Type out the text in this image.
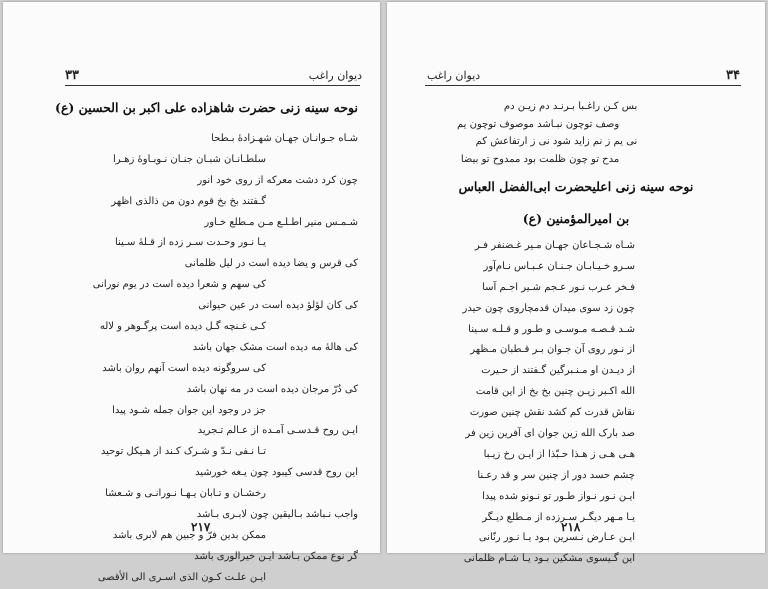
۳۳	دیوان راغب
نوحه سینه زنی حضرت شاهزاده علی اکبر بن الحسین (ع)
شـاه جـوانـان جهـان شهـزادهٔ بـطحا
سلطـانـان شبـان جنـان نـوبـاوهٔ زهـرا
چون کرد دشت معرکه از روی خود انور
گـفتند بخ بخ قوم دون من ذالذی اظهر
شـمـس منیر اطـلـع مـن مـطلع خـاور
یـا نـور وحـدت سـر زده از قـلهٔ سـینا
کی قرس و یضا دیده است در لیل ظلمانی
کی سهم و شعرا دیده است در یوم نورانی
کی کان لؤلؤ دیده است در عین حیوانی
کـی غـنچه گـل دیده است پرگـوهر و لاله
کی هالهٔ مه دیده است مشک جهان باشد
کی سروگونه دیده است آنهم روان باشد
کی دُرّ مرجان دیده است در مه نهان باشد
جز در وجود این جوان جمله شـود پیدا
ایـن روح قـدسـی آمـده از عـالم تـجرید
تـا نـفی نـدّ و شـرک کـند از هـیکل توحید
این روح قدسی کیبود چون یـغه خورشید
رخشـان و تـابان یـهـا نـورانـی و شـعشا
واجب نـباشد بـالیقین چون لابـری بـاشد
ممکن بدین فرّ و جبین هم لابری باشد
گر نوع ممکن بـاشد ایـن خیرالوری باشد
ایـن علـت کـون الذی اسـری الی الأقصی
۲۱۷
۳۴
دیوان راغب
بس کـن راغـبا بـرنـد دم زیـن دم
وصف توچون نبـاشد موصوف توچون یم
نی یم ز نم زاید شود نی ز ارتفاعش کم
مدح تو چون ظلمت بود ممدوح تو بیضا
نوحه سینه زنی اعلیحضرت ابی‌الفضل العباس
بن امیرالمؤمنین (ع)
شـاه شـجـاعان جهـان مـیر غـضنفر فـر
سـرو خـیـابـان جـنـان عـبـاس نـام‌آور
فـخر عـرب نـور عـجم شـیر اجـم آسا
چون زد سوی میدان قدمچاروی چون حیدر
شـد قـصـه مـوسـی و طـور و قـلـه سـینا
از نـور روی آن جـوان بـر قـطبان مـظهر
از دیـدن او مـنـبرگین گـفتند از حـیرت
الله اکـبر زیـن چنین بخ بخ از این قامت
نقاش قدرت کم کشد نقش چنین صورت
صد بارک الله زین جوان ای آفرین زین فر
هـی هـی ز هـذا حـبّذا از ایـن رخ زیـبا
چشم حسد دور از چنین سر و قد رعـنا
ایـن نـور نـواز طـور تو نـونو شده پیدا
یـا مـهر دیگـر سـرزده از مـطلع دیـگر
ایـن عـارض نـسرین بـود یـا نـور رنّانی
این گـیسوی مشکین بـود یـا شـام ظلمانی
۲۱۸
